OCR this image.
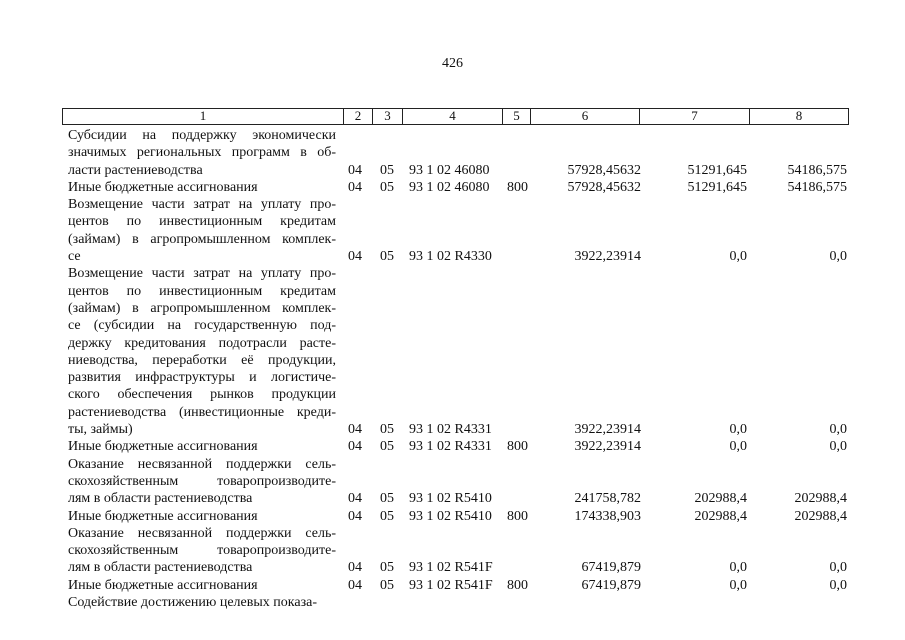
426
1	2	3	4	5	6	7	8
Субсидии на поддержку экономически
значимых региональных программ в об-
ласти растениеводства	04 05 93 1 02 46080	57928,45632	51291,645	54186,575
Иные бюджетные ассигнования	04 05 93 1 02 46080 800	57928,45632	51291,645	54186,575
Возмещение части затрат на уплату про-
центов по инвестиционным кредитам
(займам) в агропромышленном комплек-
се	04 05 93 1 02 R4330	3922,23914	0,0	0,0
Возмещение части затрат на уплату про-
центов по инвестиционным кредитам
(займам) в агропромышленном комплек-
се (субсидии на государственную под-
держку кредитования подотрасли расте-
ниеводства, переработки её продукции,
развития инфраструктуры и логистиче-
ского обеспечения рынков продукции
растениеводства (инвестиционные креди-
ты, займы)	04 05 93 1 02 R4331	3922,23914	0,0	0,0
Иные бюджетные ассигнования	04 05 93 1 02 R4331 800	3922,23914	0,0	0,0
Оказание несвязанной поддержки сель-
скохозяйственным товаропроизводите-
лям в области растениеводства	04 05 93 1 02 R5410	241758,782	202988,4	202988,4
Иные бюджетные ассигнования	04 05 93 1 02 R5410 800	174338,903	202988,4	202988,4
Оказание несвязанной поддержки сель-
скохозяйственным товаропроизводите-
лям в области растениеводства	04 05 93 1 02 R541F	67419,879	0,0	0,0
Иные бюджетные ассигнования	04 05 93 1 02 R541F 800	67419,879	0,0	0,0
Содействие достижению целевых показа-
